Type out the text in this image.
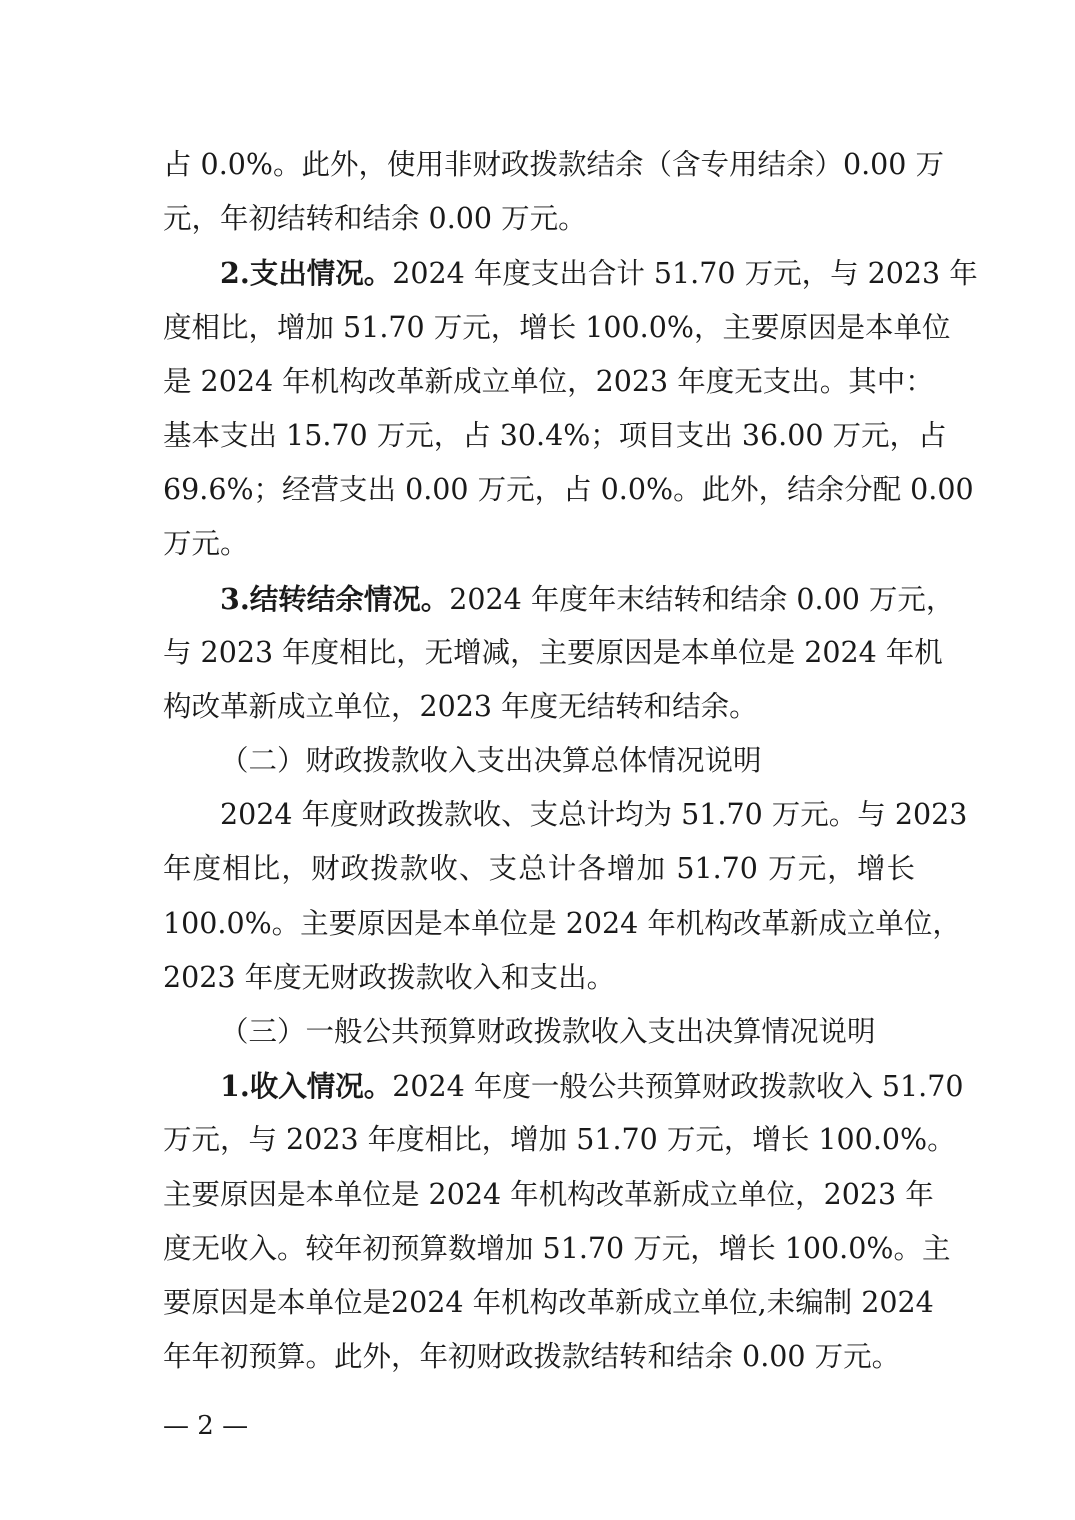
占 0.0%。此外，使用非财政拨款结余（含专用结余）0.00 万
元，年初结转和结余 0.00 万元。
2.支出情况。2024 年度支出合计 51.70 万元，与 2023 年
度相比，增加 51.70 万元，增长 100.0%，主要原因是本单位
是 2024 年机构改革新成立单位，2023 年度无支出。其中：
基本支出 15.70 万元，占 30.4%；项目支出 36.00 万元，占
69.6%；经营支出 0.00 万元，占 0.0%。此外，结余分配 0.00
万元。
3.结转结余情况。2024 年度年末结转和结余 0.00 万元，
与 2023 年度相比，无增减，主要原因是本单位是 2024 年机
构改革新成立单位，2023 年度无结转和结余。
（二）财政拨款收入支出决算总体情况说明
2024 年度财政拨款收、支总计均为 51.70 万元。与 2023
年度相比，财政拨款收、支总计各增加 51.70 万元，增长
100.0%。主要原因是本单位是 2024 年机构改革新成立单位，
2023 年度无财政拨款收入和支出。
（三）一般公共预算财政拨款收入支出决算情况说明
1.收入情况。2024 年度一般公共预算财政拨款收入 51.70
万元，与 2023 年度相比，增加 51.70 万元，增长 100.0%。
主要原因是本单位是 2024 年机构改革新成立单位，2023 年
度无收入。较年初预算数增加 51.70 万元，增长 100.0%。主
要原因是本单位是2024 年机构改革新成立单位,未编制 2024
年年初预算。此外，年初财政拨款结转和结余 0.00 万元。
— 2 —
